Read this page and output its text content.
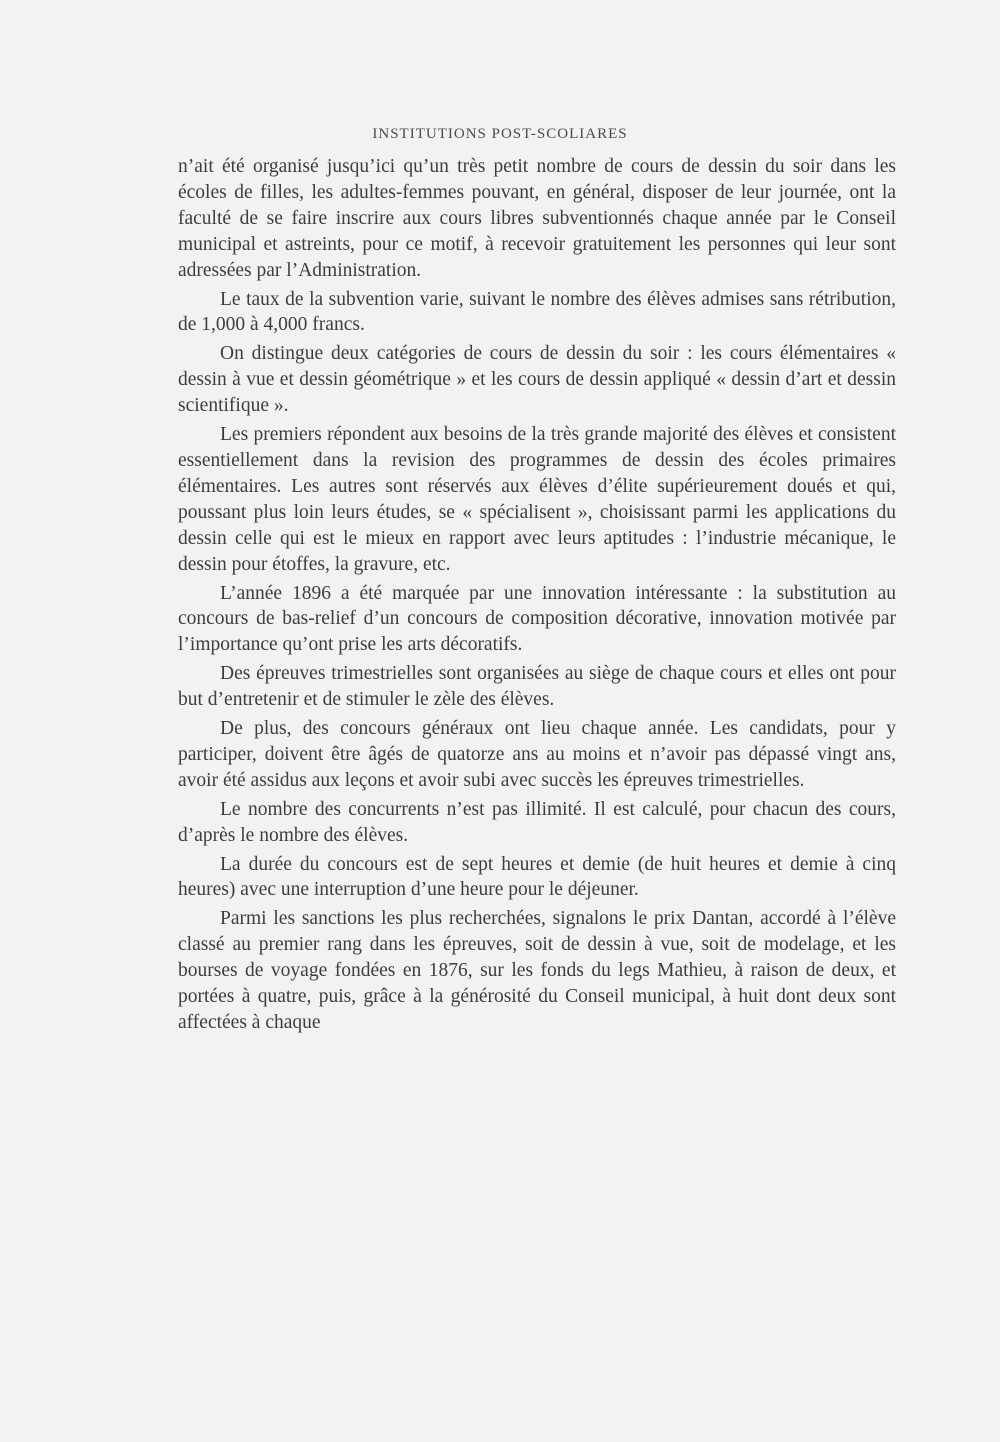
INSTITUTIONS POST-SCOLIARES

n’ait été organisé jusqu’ici qu’un très petit nombre de cours de dessin du soir dans les écoles de filles, les adultes-femmes pouvant, en général, disposer de leur journée, ont la faculté de se faire inscrire aux cours libres subventionnés chaque année par le Conseil municipal et astreints, pour ce motif, à recevoir gratuitement les personnes qui leur sont adressées par l’Administration.

Le taux de la subvention varie, suivant le nombre des élèves admises sans rétribution, de 1,000 à 4,000 francs.

On distingue deux catégories de cours de dessin du soir : les cours élémentaires « dessin à vue et dessin géométrique » et les cours de dessin appliqué « dessin d’art et dessin scientifique ».

Les premiers répondent aux besoins de la très grande majorité des élèves et consistent essentiellement dans la revision des programmes de dessin des écoles primaires élémentaires. Les autres sont réservés aux élèves d’élite supérieurement doués et qui, poussant plus loin leurs études, se « spécialisent », choisissant parmi les applications du dessin celle qui est le mieux en rapport avec leurs aptitudes : l’industrie mécanique, le dessin pour étoffes, la gravure, etc.

L’année 1896 a été marquée par une innovation intéressante : la substitution au concours de bas-relief d’un concours de composition décorative, innovation motivée par l’importance qu’ont prise les arts décoratifs.

Des épreuves trimestrielles sont organisées au siège de chaque cours et elles ont pour but d’entretenir et de stimuler le zèle des élèves.

De plus, des concours généraux ont lieu chaque année. Les candidats, pour y participer, doivent être âgés de quatorze ans au moins et n’avoir pas dépassé vingt ans, avoir été assidus aux leçons et avoir subi avec succès les épreuves trimestrielles.

Le nombre des concurrents n’est pas illimité. Il est calculé, pour chacun des cours, d’après le nombre des élèves.

La durée du concours est de sept heures et demie (de huit heures et demie à cinq heures) avec une interruption d’une heure pour le déjeuner.

Parmi les sanctions les plus recherchées, signalons le prix Dantan, accordé à l’élève classé au premier rang dans les épreuves, soit de dessin à vue, soit de modelage, et les bourses de voyage fondées en 1876, sur les fonds du legs Mathieu, à raison de deux, et portées à quatre, puis, grâce à la générosité du Conseil municipal, à huit dont deux sont affectées à chaque
